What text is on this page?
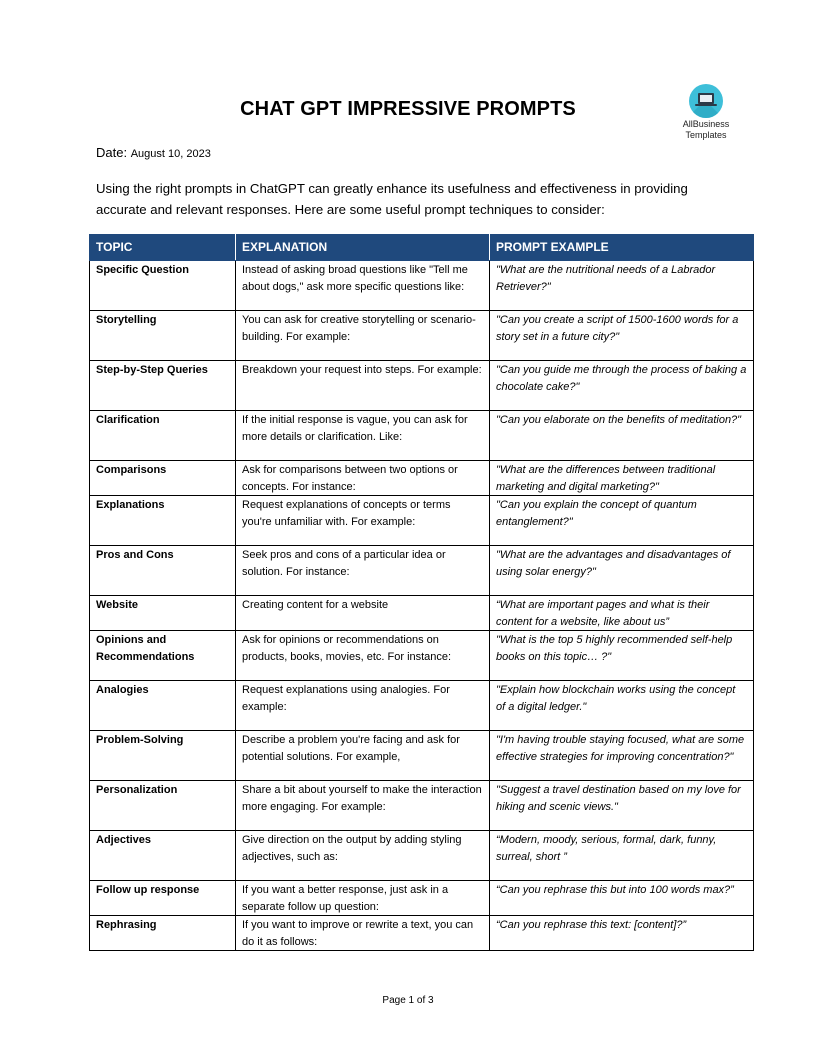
CHAT GPT IMPRESSIVE PROMPTS
AllBusiness
Templates
Date: August 10, 2023
Using the right prompts in ChatGPT can greatly enhance its usefulness and effectiveness in providing accurate and relevant responses. Here are some useful prompt techniques to consider:
TOPIC	EXPLANATION	PROMPT EXAMPLE
Specific Question	Instead of asking broad questions like "Tell me about dogs," ask more specific questions like:	"What are the nutritional needs of a Labrador Retriever?"
Storytelling	You can ask for creative storytelling or scenario-building. For example:	"Can you create a script of 1500-1600 words for a story set in a future city?"
Step-by-Step Queries	Breakdown your request into steps. For example:	"Can you guide me through the process of baking a chocolate cake?"
Clarification	If the initial response is vague, you can ask for more details or clarification. Like:	"Can you elaborate on the benefits of meditation?"
Comparisons	Ask for comparisons between two options or concepts. For instance:	"What are the differences between traditional marketing and digital marketing?"
Explanations	Request explanations of concepts or terms you're unfamiliar with. For example:	"Can you explain the concept of quantum entanglement?"
Pros and Cons	Seek pros and cons of a particular idea or solution. For instance:	"What are the advantages and disadvantages of using solar energy?"
Website	Creating content for a website	“What are important pages and what is their content for a website, like about us”
Opinions and Recommendations	Ask for opinions or recommendations on products, books, movies, etc. For instance:	"What is the top 5 highly recommended self-help books on this topic… ?"
Analogies	Request explanations using analogies. For example:	"Explain how blockchain works using the concept of a digital ledger."
Problem-Solving	Describe a problem you're facing and ask for potential solutions. For example,	"I'm having trouble staying focused, what are some effective strategies for improving concentration?"
Personalization	Share a bit about yourself to make the interaction more engaging. For example:	"Suggest a travel destination based on my love for hiking and scenic views."
Adjectives	Give direction on the output by adding styling adjectives, such as:	“Modern, moody, serious, formal, dark, funny, surreal, short ”
Follow up response	If you want a better response, just ask in a separate follow up question:	“Can you rephrase this but into 100 words max?”
Rephrasing	If you want to improve or rewrite a text, you can do it as follows:	“Can you rephrase this text: [content]?”
Page 1 of 3
